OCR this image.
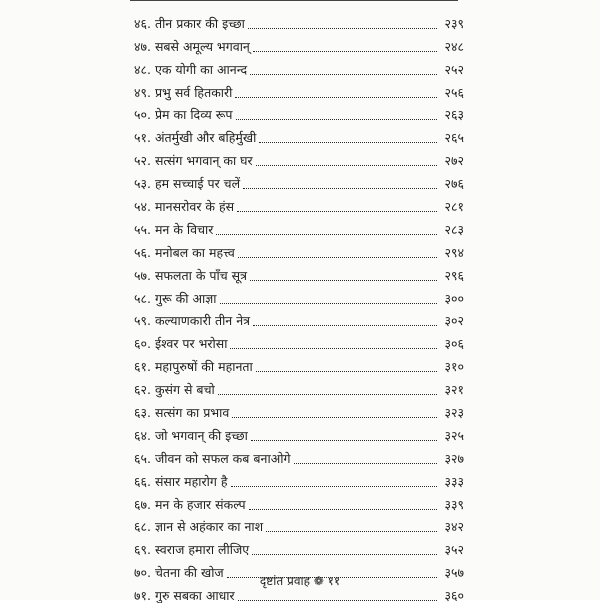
४६. तीन प्रकार की इच्छा	२३९
४७. सबसे अमूल्य भगवान्	२४८
४८. एक योगी का आनन्द	२५२
४९. प्रभु सर्व हितकारी	२५६
५०. प्रेम का दिव्य रूप	२६३
५१. अंतर्मुखी और बहिर्मुखी	२६५
५२. सत्संग भगवान् का घर	२७२
५३. हम सच्चाई पर चलें	२७६
५४. मानसरोवर के हंस	२८१
५५. मन के विचार	२८३
५६. मनोबल का महत्त्व	२९४
५७. सफलता के पाँच सूत्र	२९६
५८. गुरू की आज्ञा	३००
५९. कल्याणकारी तीन नेत्र	३०२
६०. ईश्वर पर भरोसा	३०६
६१. महापुरुषों की महानता	३१०
६२. कुसंग से बचो	३२१
६३. सत्संग का प्रभाव	३२३
६४. जो भगवान् की इच्छा	३२५
६५. जीवन को सफल कब बनाओगे	३२७
६६. संसार महारोग है	३३३
६७. मन के हजार संकल्प	३३९
६८. ज्ञान से अहंकार का नाश	३४२
६९. स्वराज हमारा लीजिए	३५२
७०. चेतना की खोज	३५७
७१. गुरु सबका आधार	३६०
दृष्टांत प्रवाह ❁ ११
